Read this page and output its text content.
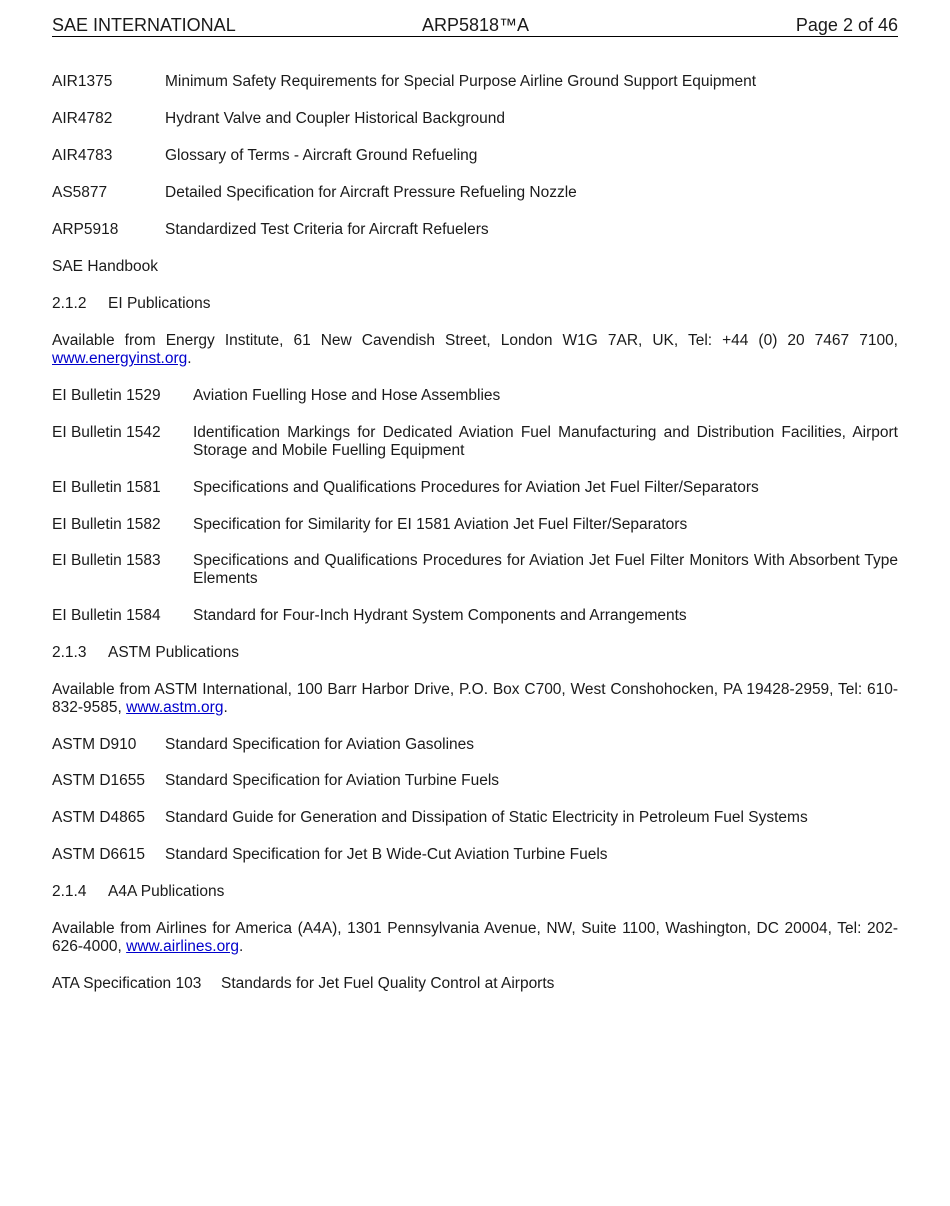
SAE INTERNATIONAL	ARP5818™A	Page 2 of 46
AIR1375	Minimum Safety Requirements for Special Purpose Airline Ground Support Equipment
AIR4782	Hydrant Valve and Coupler Historical Background
AIR4783	Glossary of Terms - Aircraft Ground Refueling
AS5877	Detailed Specification for Aircraft Pressure Refueling Nozzle
ARP5918	Standardized Test Criteria for Aircraft Refuelers
SAE Handbook
2.1.2 EI Publications
Available from Energy Institute, 61 New Cavendish Street, London W1G 7AR, UK, Tel: +44 (0) 20 7467 7100, www.energyinst.org.
EI Bulletin 1529 Aviation Fuelling Hose and Hose Assemblies
EI Bulletin 1542 Identification Markings for Dedicated Aviation Fuel Manufacturing and Distribution Facilities, Airport Storage and Mobile Fuelling Equipment
EI Bulletin 1581 Specifications and Qualifications Procedures for Aviation Jet Fuel Filter/Separators
EI Bulletin 1582 Specification for Similarity for EI 1581 Aviation Jet Fuel Filter/Separators
EI Bulletin 1583 Specifications and Qualifications Procedures for Aviation Jet Fuel Filter Monitors With Absorbent Type Elements
EI Bulletin 1584 Standard for Four-Inch Hydrant System Components and Arrangements
2.1.3 ASTM Publications
Available from ASTM International, 100 Barr Harbor Drive, P.O. Box C700, West Conshohocken, PA 19428-2959, Tel: 610-832-9585, www.astm.org.
ASTM D910 Standard Specification for Aviation Gasolines
ASTM D1655 Standard Specification for Aviation Turbine Fuels
ASTM D4865 Standard Guide for Generation and Dissipation of Static Electricity in Petroleum Fuel Systems
ASTM D6615 Standard Specification for Jet B Wide-Cut Aviation Turbine Fuels
2.1.4 A4A Publications
Available from Airlines for America (A4A), 1301 Pennsylvania Avenue, NW, Suite 1100, Washington, DC 20004, Tel: 202-626-4000, www.airlines.org.
ATA Specification 103 Standards for Jet Fuel Quality Control at Airports
